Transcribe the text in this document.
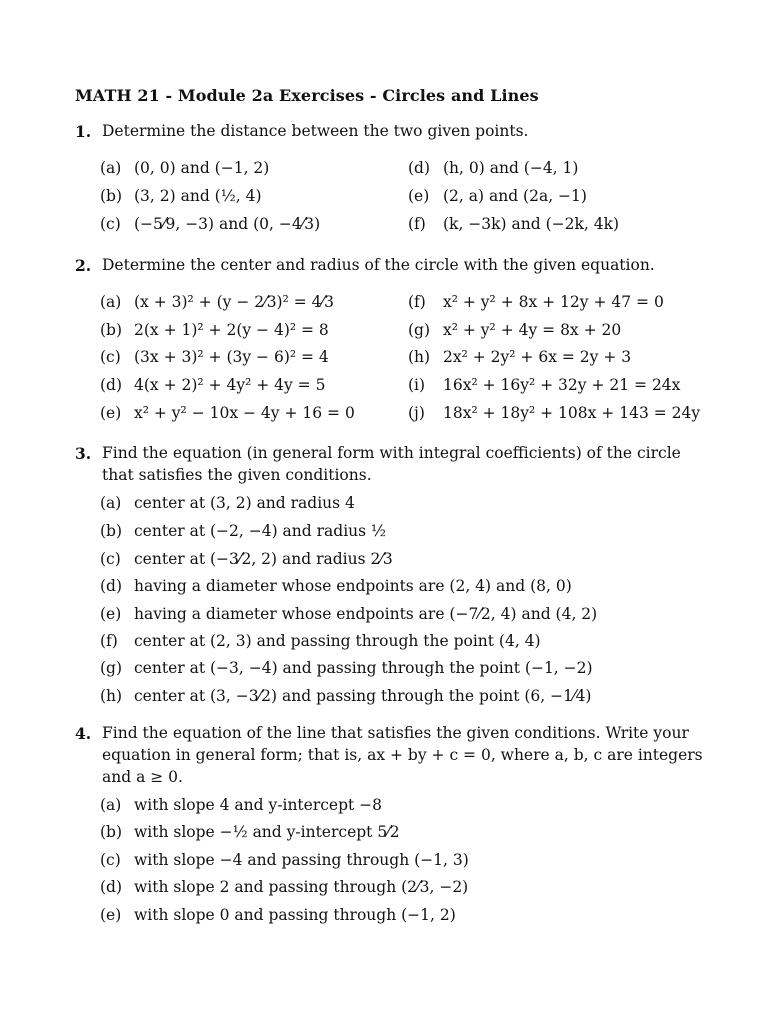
MATH 21 - Module 2a Exercises - Circles and Lines
1. Determine the distance between the two given points.
(a) (0, 0) and (−1, 2)
(b) (3, 2) and (½, 4)
(c) (−5⁄9, −3) and (0, −4⁄3)
(d) (h, 0) and (−4, 1)
(e) (2, a) and (2a, −1)
(f) (k, −3k) and (−2k, 4k)
2. Determine the center and radius of the circle with the given equation.
(a) (x + 3)² + (y − 2⁄3)² = 4⁄3
(b) 2(x + 1)² + 2(y − 4)² = 8
(c) (3x + 3)² + (3y − 6)² = 4
(d) 4(x + 2)² + 4y² + 4y = 5
(e) x² + y² − 10x − 4y + 16 = 0
(f) x² + y² + 8x + 12y + 47 = 0
(g) x² + y² + 4y = 8x + 20
(h) 2x² + 2y² + 6x = 2y + 3
(i) 16x² + 16y² + 32y + 21 = 24x
(j) 18x² + 18y² + 108x + 143 = 24y
3. Find the equation (in general form with integral coefficients) of the circle that satisfies the given conditions.
(a) center at (3, 2) and radius 4
(b) center at (−2, −4) and radius ½
(c) center at (−3⁄2, 2) and radius 2⁄3
(d) having a diameter whose endpoints are (2, 4) and (8, 0)
(e) having a diameter whose endpoints are (−7⁄2, 4) and (4, 2)
(f) center at (2, 3) and passing through the point (4, 4)
(g) center at (−3, −4) and passing through the point (−1, −2)
(h) center at (3, −3⁄2) and passing through the point (6, −1⁄4)
4. Find the equation of the line that satisfies the given conditions. Write your equation in general form; that is, ax + by + c = 0, where a, b, c are integers and a ≥ 0.
(a) with slope 4 and y-intercept −8
(b) with slope −½ and y-intercept 5⁄2
(c) with slope −4 and passing through (−1, 3)
(d) with slope 2 and passing through (2⁄3, −2)
(e) with slope 0 and passing through (−1, 2)
